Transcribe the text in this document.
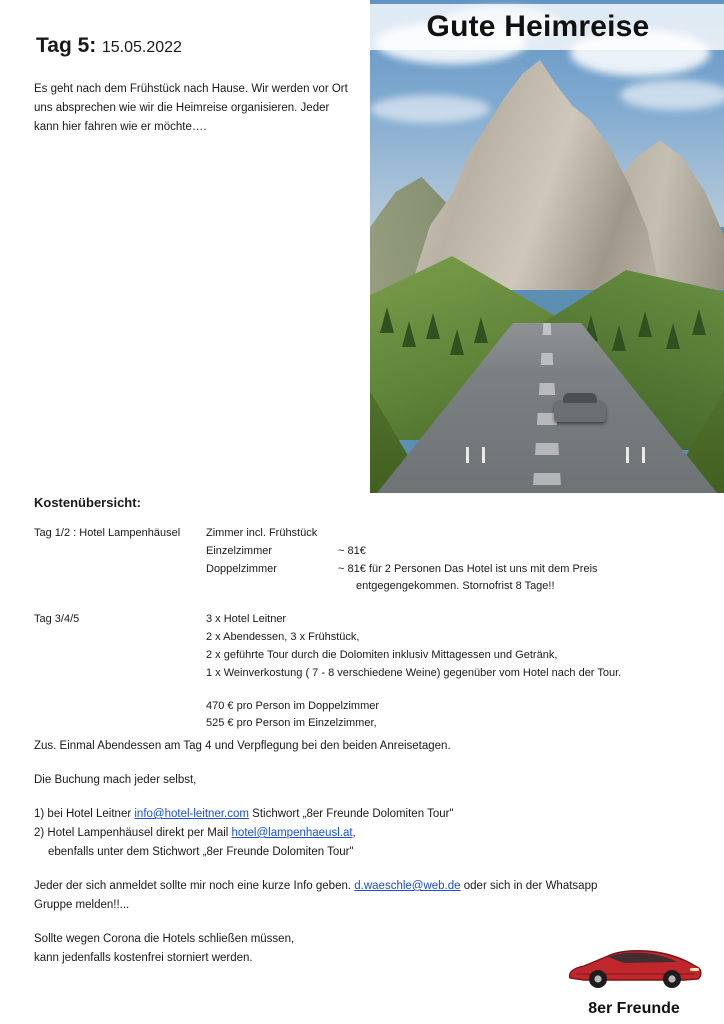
Gute Heimreise
Tag 5: 15.05.2022
Es geht nach dem Frühstück nach Hause. Wir werden vor Ort uns absprechen wie wir die Heimreise organisieren. Jeder kann hier fahren wie er möchte….
Kostenübersicht:
Tag 1/2 : Hotel Lampenhäusel	Zimmer incl. Frühstück
Einzelzimmer	~ 81€
Doppelzimmer	~ 81€ für 2 Personen Das Hotel ist uns mit dem Preis
entgegengekommen. Stornofrist 8 Tage!!
Tag 3/4/5	3 x Hotel Leitner
2 x Abendessen, 3 x Frühstück,
2 x geführte Tour durch die Dolomiten inklusiv Mittagessen und Getränk,
1 x Weinverkostung ( 7 - 8 verschiedene Weine) gegenüber vom Hotel nach der Tour.
470 € pro Person im Doppelzimmer
525 € pro Person im Einzelzimmer,

Zus. Einmal Abendessen am Tag 4 und Verpflegung bei den beiden Anreisetagen.

Die Buchung mach jeder selbst,

1) bei Hotel Leitner info@hotel-leitner.com Stichwort „8er Freunde Dolomiten Tour"

2) Hotel Lampenhäusel direkt per Mail hotel@lampenhaeusl.at,

ebenfalls unter dem Stichwort „8er Freunde Dolomiten Tour"

Jeder der sich anmeldet sollte mir noch eine kurze Info geben. d.waeschle@web.de oder sich in der Whatsapp

Gruppe melden!!...

Sollte wegen Corona die Hotels schließen müssen,

kann jedenfalls kostenfrei storniert werden.

8er Freunde
